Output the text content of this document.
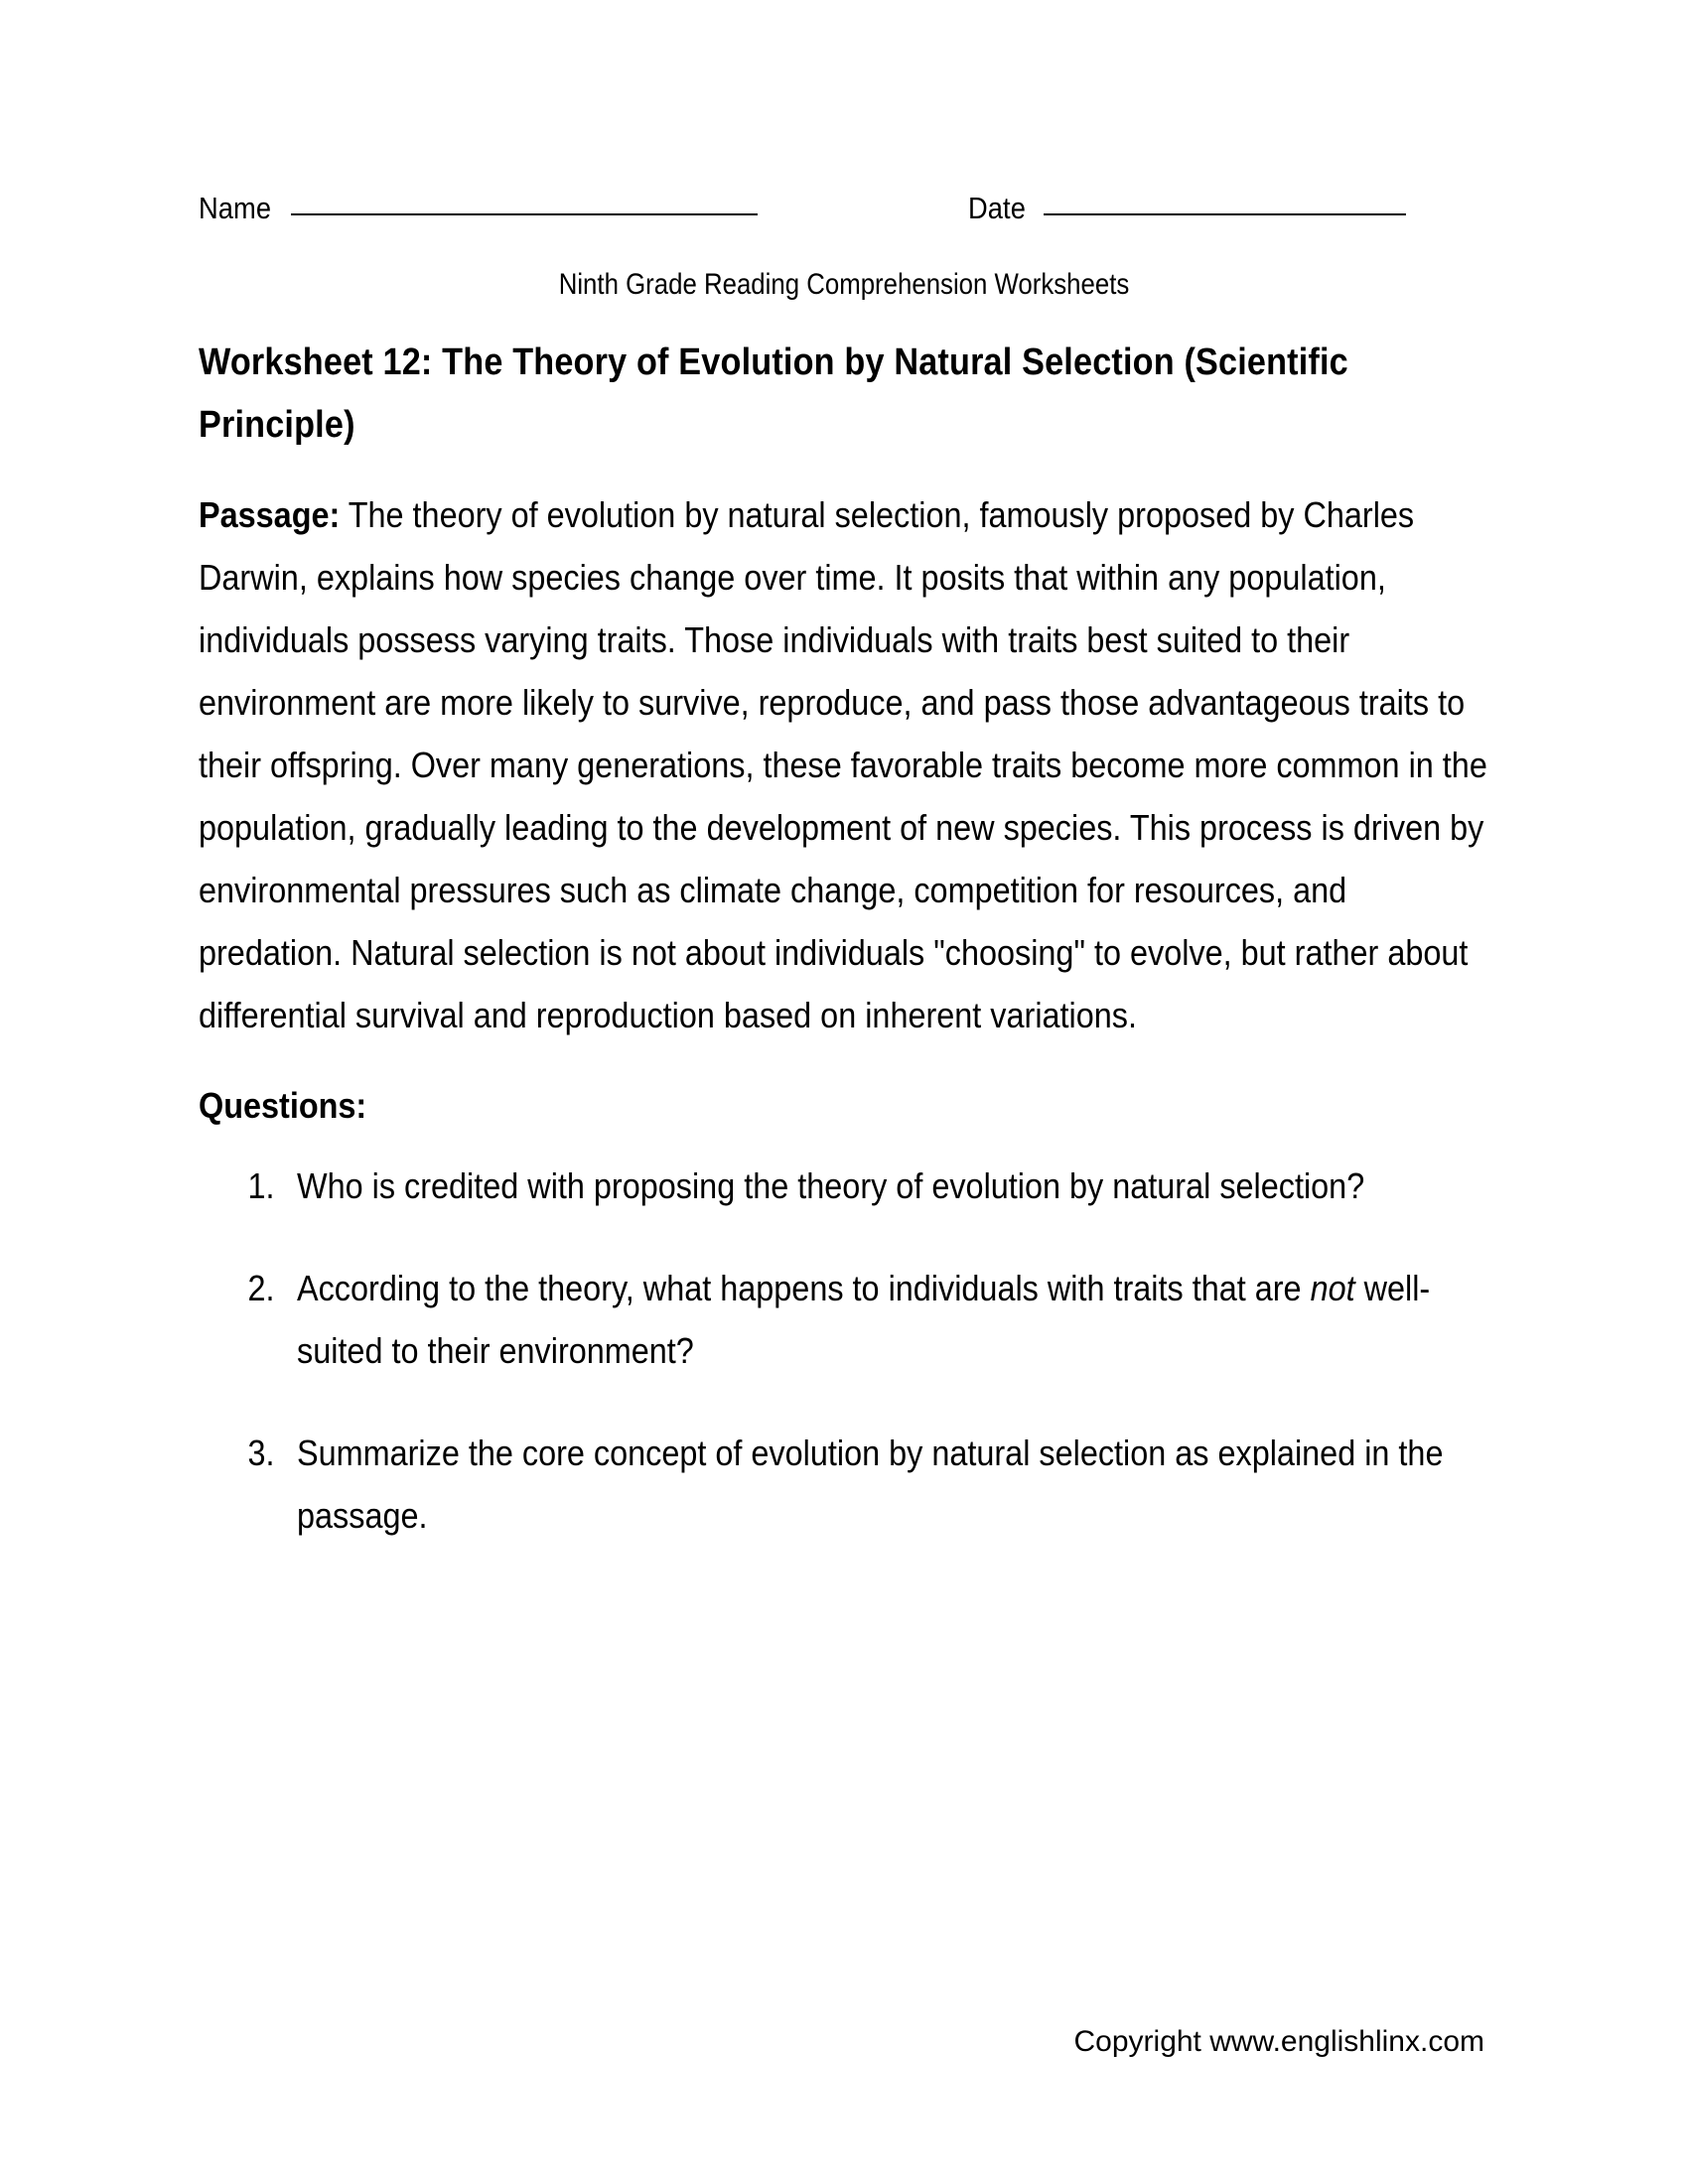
Name	Date
Ninth Grade Reading Comprehension Worksheets
Worksheet 12: The Theory of Evolution by Natural Selection (Scientific Principle)

Passage: The theory of evolution by natural selection, famously proposed by Charles Darwin, explains how species change over time. It posits that within any population, individuals possess varying traits. Those individuals with traits best suited to their environment are more likely to survive, reproduce, and pass those advantageous traits to their offspring. Over many generations, these favorable traits become more common in the population, gradually leading to the development of new species. This process is driven by environmental pressures such as climate change, competition for resources, and predation. Natural selection is not about individuals "choosing" to evolve, but rather about differential survival and reproduction based on inherent variations.

Questions:
1. Who is credited with proposing the theory of evolution by natural selection?
2. According to the theory, what happens to individuals with traits that are not well-suited to their environment?
3. Summarize the core concept of evolution by natural selection as explained in the passage.
Copyright www.englishlinx.com
